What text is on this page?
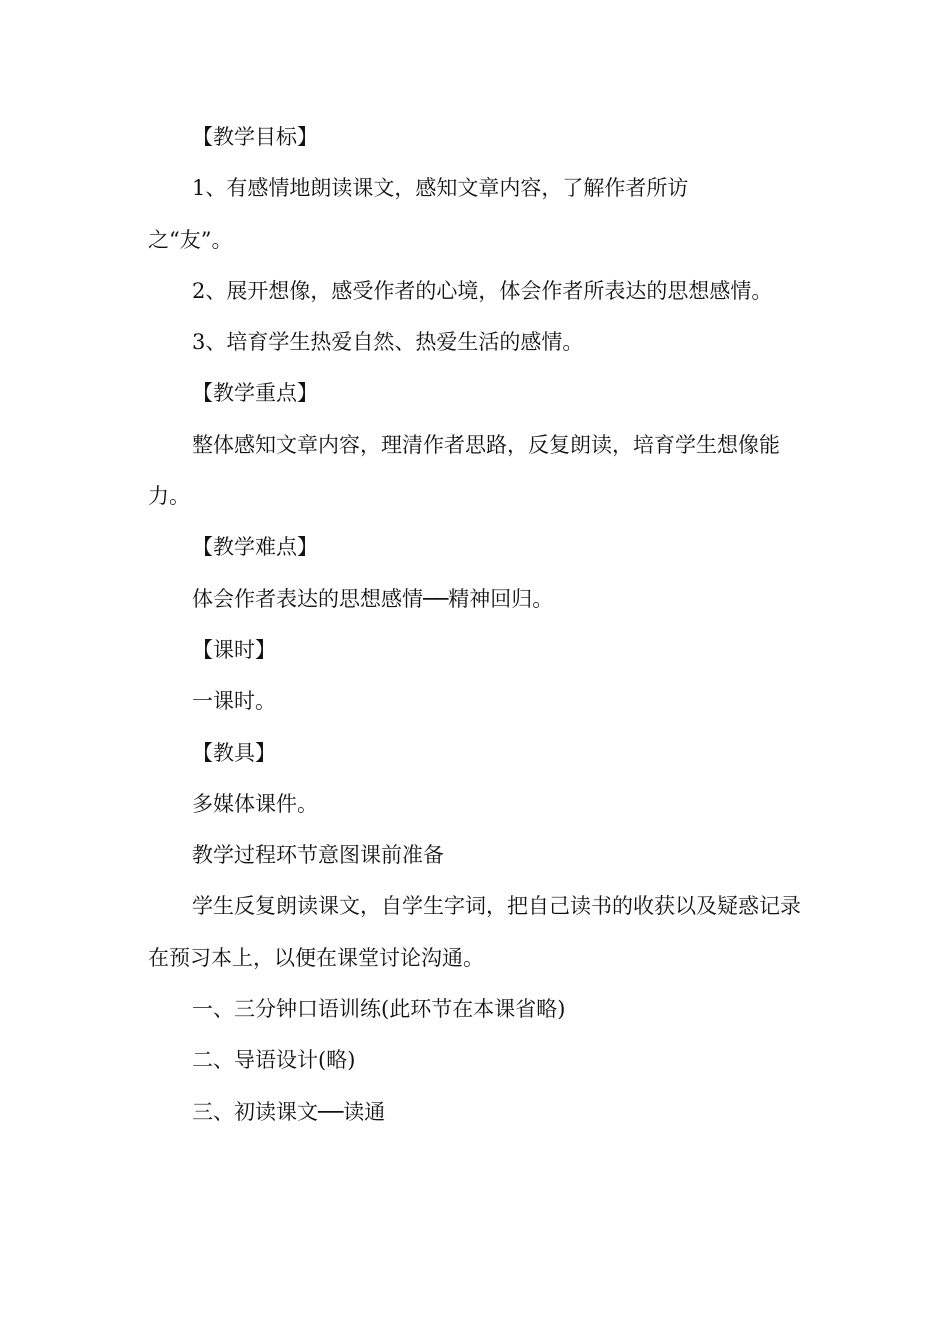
【教学目标】

1、有感情地朗读课文，感知文章内容，了解作者所访之“友”。

2、展开想像，感受作者的心境，体会作者所表达的思想感情。

3、培育学生热爱自然、热爱生活的感情。

【教学重点】

整体感知文章内容，理清作者思路，反复朗读，培育学生想像能力。

【教学难点】

体会作者表达的思想感情──精神回归。

【课时】

一课时。

【教具】

多媒体课件。

教学过程环节意图课前准备

学生反复朗读课文，自学生字词，把自己读书的收获以及疑惑记录在预习本上，以便在课堂讨论沟通。

一、三分钟口语训练(此环节在本课省略)

二、导语设计(略)

三、初读课文──读通
